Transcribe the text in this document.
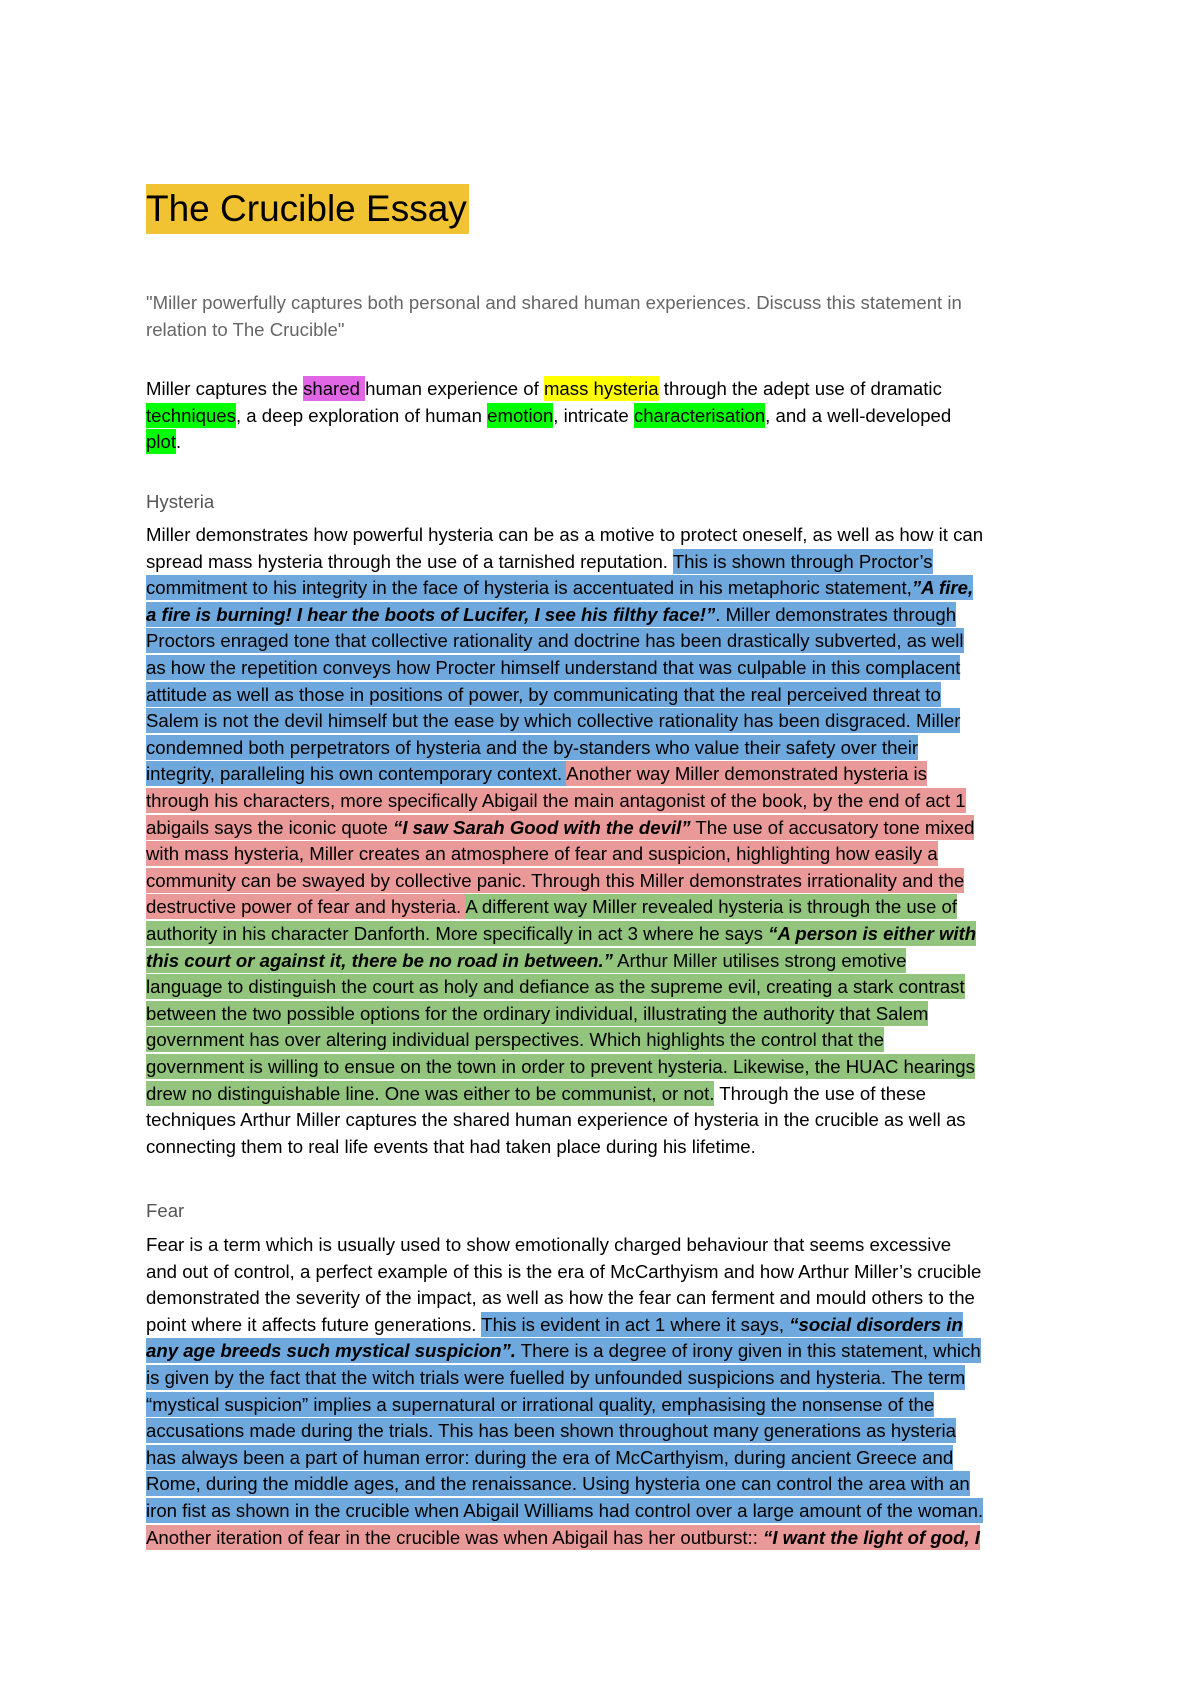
The Crucible Essay
"Miller powerfully captures both personal and shared human experiences. Discuss this statement in
relation to The Crucible"
Miller captures the shared human experience of mass hysteria through the adept use of dramatic
techniques, a deep exploration of human emotion, intricate characterisation, and a well-developed
plot.
Hysteria
Miller demonstrates how powerful hysteria can be as a motive to protect oneself, as well as how it can
spread mass hysteria through the use of a tarnished reputation. This is shown through Proctor’s
commitment to his integrity in the face of hysteria is accentuated in his metaphoric statement,”A fire,
a fire is burning! I hear the boots of Lucifer, I see his filthy face!”. Miller demonstrates through
Proctors enraged tone that collective rationality and doctrine has been drastically subverted, as well
as how the repetition conveys how Procter himself understand that was culpable in this complacent
attitude as well as those in positions of power, by communicating that the real perceived threat to
Salem is not the devil himself but the ease by which collective rationality has been disgraced. Miller
condemned both perpetrators of hysteria and the by-standers who value their safety over their
integrity, paralleling his own contemporary context. Another way Miller demonstrated hysteria is
through his characters, more specifically Abigail the main antagonist of the book, by the end of act 1
abigails says the iconic quote “I saw Sarah Good with the devil” The use of accusatory tone mixed
with mass hysteria, Miller creates an atmosphere of fear and suspicion, highlighting how easily a
community can be swayed by collective panic. Through this Miller demonstrates irrationality and the
destructive power of fear and hysteria. A different way Miller revealed hysteria is through the use of
authority in his character Danforth. More specifically in act 3 where he says “A person is either with
this court or against it, there be no road in between.” Arthur Miller utilises strong emotive
language to distinguish the court as holy and defiance as the supreme evil, creating a stark contrast
between the two possible options for the ordinary individual, illustrating the authority that Salem
government has over altering individual perspectives. Which highlights the control that the
government is willing to ensue on the town in order to prevent hysteria. Likewise, the HUAC hearings
drew no distinguishable line. One was either to be communist, or not. Through the use of these
techniques Arthur Miller captures the shared human experience of hysteria in the crucible as well as
connecting them to real life events that had taken place during his lifetime.
Fear
Fear is a term which is usually used to show emotionally charged behaviour that seems excessive
and out of control, a perfect example of this is the era of McCarthyism and how Arthur Miller’s crucible
demonstrated the severity of the impact, as well as how the fear can ferment and mould others to the
point where it affects future generations. This is evident in act 1 where it says, “social disorders in
any age breeds such mystical suspicion”. There is a degree of irony given in this statement, which
is given by the fact that the witch trials were fuelled by unfounded suspicions and hysteria. The term
“mystical suspicion” implies a supernatural or irrational quality, emphasising the nonsense of the
accusations made during the trials. This has been shown throughout many generations as hysteria
has always been a part of human error: during the era of McCarthyism, during ancient Greece and
Rome, during the middle ages, and the renaissance. Using hysteria one can control the area with an
iron fist as shown in the crucible when Abigail Williams had control over a large amount of the woman.
Another iteration of fear in the crucible was when Abigail has her outburst:: “I want the light of god, I
